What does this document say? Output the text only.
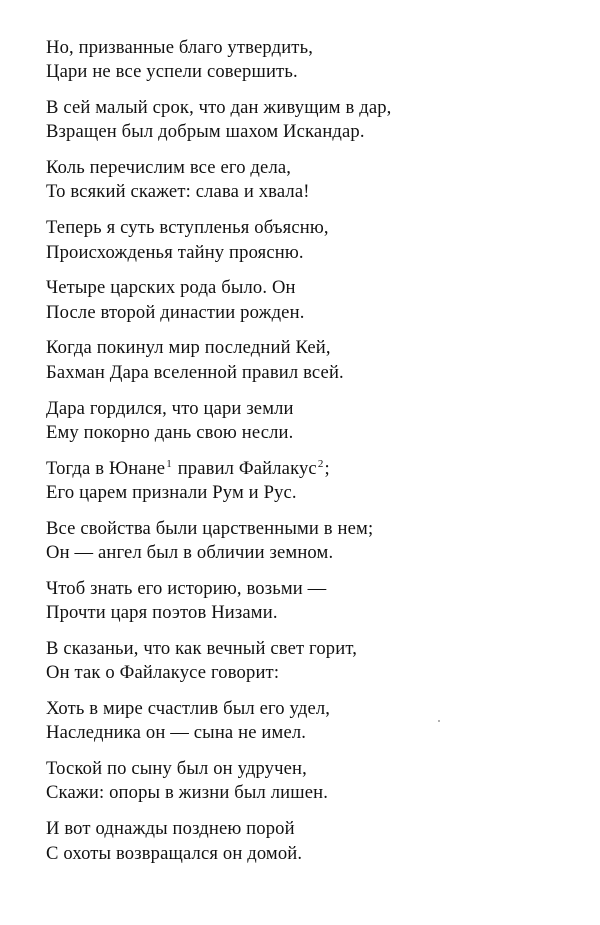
Но, призванные благо утвердить,
Цари не все успели совершить.

В сей малый срок, что дан живущим в дар,
Взращен был добрым шахом Искандар.

Коль перечислим все его дела,
То всякий скажет: слава и хвала!

Теперь я суть вступленья объясню,
Происхожденья тайну проясню.

Четыре царских рода было. Он
После второй династии рожден.

Когда покинул мир последний Кей,
Бахман Дара вселенной правил всей.

Дара гордился, что цари земли
Ему покорно дань свою несли.

Тогда в Юнане$^1$ правил Файлакус$^2$;
Его царем признали Рум и Рус.

Все свойства были царственными в нем;
Он — ангел был в обличии земном.

Чтоб знать его историю, возьми —
Прочти царя поэтов Низами.

В сказаньи, что как вечный свет горит,
Он так о Файлакусе говорит:

Хоть в мире счастлив был его удел,
Наследника он — сына не имел.

Тоской по сыну был он удручен,
Скажи: опоры в жизни был лишен.

И вот однажды позднею порой
С охоты возвращался он домой.
